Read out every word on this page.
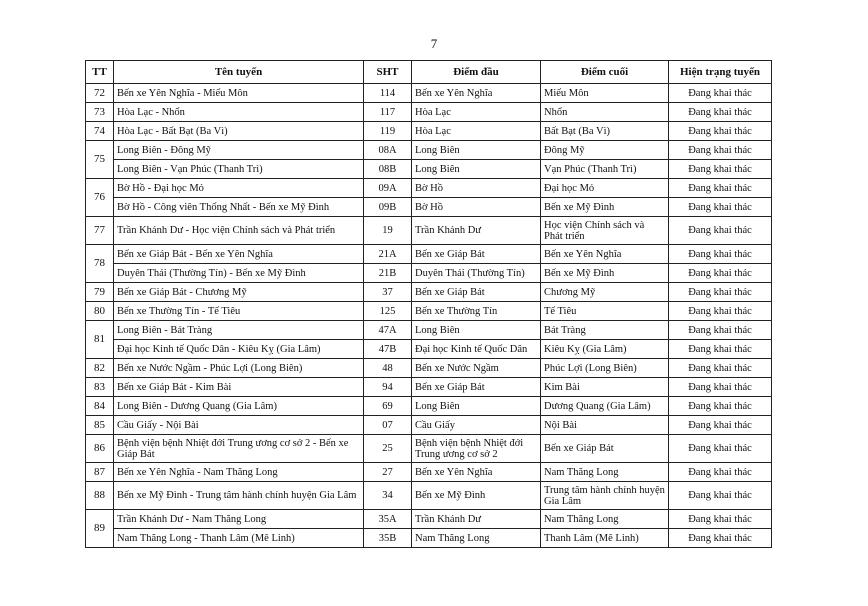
7
TT	Tên tuyến	SHT	Điểm đầu	Điểm cuối	Hiện trạng tuyến
72	Bến xe Yên Nghĩa - Miếu Môn	114	Bến xe Yên Nghĩa	Miếu Môn	Đang khai thác
73	Hòa Lạc - Nhổn	117	Hòa Lạc	Nhổn	Đang khai thác
74	Hòa Lạc - Bất Bạt (Ba Vì)	119	Hòa Lạc	Bất Bạt (Ba Vì)	Đang khai thác
75	Long Biên - Đông Mỹ	08A	Long Biên	Đông Mỹ	Đang khai thác
	Long Biên - Vạn Phúc (Thanh Trì)	08B	Long Biên	Vạn Phúc (Thanh Trì)	Đang khai thác
76	Bờ Hồ - Đại học Mỏ	09A	Bờ Hồ	Đại học Mỏ	Đang khai thác
	Bờ Hồ - Công viên Thống Nhất - Bến xe Mỹ Đình	09B	Bờ Hồ	Bến xe Mỹ Đình	Đang khai thác
77	Trần Khánh Dư - Học viện Chính sách và Phát triển	19	Trần Khánh Dư	Học viện Chính sách và Phát triển	Đang khai thác
78	Bến xe Giáp Bát - Bến xe Yên Nghĩa	21A	Bến xe Giáp Bát	Bến xe Yên Nghĩa	Đang khai thác
	Duyên Thái (Thường Tín) - Bến xe Mỹ Đình	21B	Duyên Thái (Thường Tín)	Bến xe Mỹ Đình	Đang khai thác
79	Bến xe Giáp Bát - Chương Mỹ	37	Bến xe Giáp Bát	Chương Mỹ	Đang khai thác
80	Bến xe Thường Tín - Tế Tiêu	125	Bến xe Thường Tín	Tế Tiêu	Đang khai thác
81	Long Biên - Bát Tràng	47A	Long Biên	Bát Tràng	Đang khai thác
	Đại học Kinh tế Quốc Dân - Kiêu Kỵ (Gia Lâm)	47B	Đại học Kinh tế Quốc Dân	Kiêu Kỵ (Gia Lâm)	Đang khai thác
82	Bến xe Nước Ngầm - Phúc Lợi (Long Biên)	48	Bến xe Nước Ngầm	Phúc Lợi (Long Biên)	Đang khai thác
83	Bến xe Giáp Bát - Kim Bài	94	Bến xe Giáp Bát	Kim Bài	Đang khai thác
84	Long Biên - Dương Quang (Gia Lâm)	69	Long Biên	Dương Quang (Gia Lâm)	Đang khai thác
85	Cầu Giấy - Nội Bài	07	Cầu Giấy	Nội Bài	Đang khai thác
86	Bệnh viện bệnh Nhiệt đới Trung ương cơ sở 2 - Bến xe Giáp Bát	25	Bệnh viện bệnh Nhiệt đới Trung ương cơ sở 2	Bến xe Giáp Bát	Đang khai thác
87	Bến xe Yên Nghĩa - Nam Thăng Long	27	Bến xe Yên Nghĩa	Nam Thăng Long	Đang khai thác
88	Bến xe Mỹ Đình - Trung tâm hành chính huyện Gia Lâm	34	Bến xe Mỹ Đình	Trung tâm hành chính huyện Gia Lâm	Đang khai thác
89	Trần Khánh Dư - Nam Thăng Long	35A	Trần Khánh Dư	Nam Thăng Long	Đang khai thác
	Nam Thăng Long - Thanh Lâm (Mê Linh)	35B	Nam Thăng Long	Thanh Lâm (Mê Linh)	Đang khai thác
